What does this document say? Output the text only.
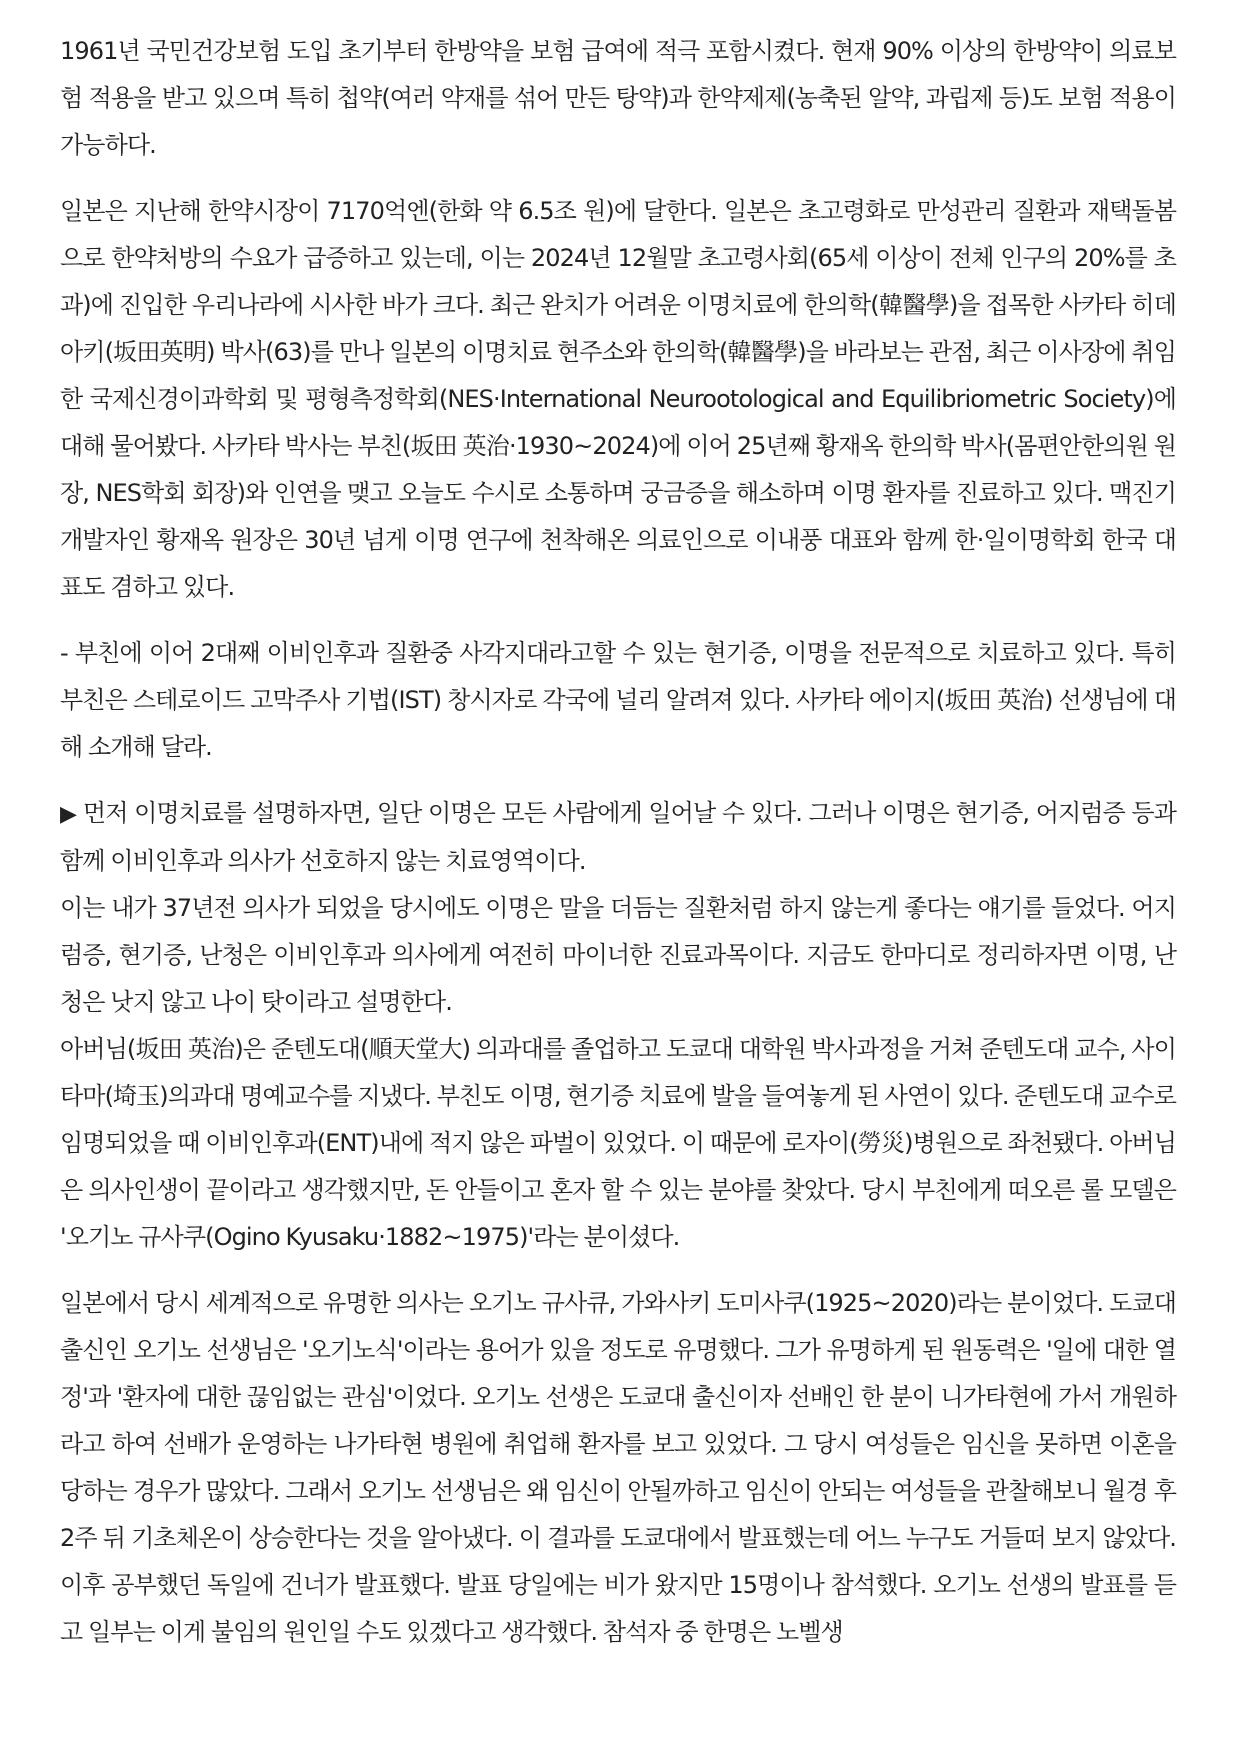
1961년 국민건강보험 도입 초기부터 한방약을 보험 급여에 적극 포함시켰다. 현재 90% 이상의 한방약이 의료보험 적용을 받고 있으며 특히 첩약(여러 약재를 섞어 만든 탕약)과 한약제제(농축된 알약, 과립제 등)도 보험 적용이 가능하다.

일본은 지난해 한약시장이 7170억엔(한화 약 6.5조 원)에 달한다. 일본은 초고령화로 만성관리 질환과 재택돌봄으로 한약처방의 수요가 급증하고 있는데, 이는 2024년 12월말 초고령사회(65세 이상이 전체 인구의 20%를 초과)에 진입한 우리나라에 시사한 바가 크다. 최근 완치가 어려운 이명치료에 한의학(韓醫學)을 접목한 사카타 히데아키(坂田英明) 박사(63)를 만나 일본의 이명치료 현주소와 한의학(韓醫學)을 바라보는 관점, 최근 이사장에 취임한 국제신경이과학회 및 평형측정학회(NES·International Neurootological and Equilibriometric Society)에 대해 물어봤다. 사카타 박사는 부친(坂田 英治·1930~2024)에 이어 25년째 황재옥 한의학 박사(몸편안한의원 원장, NES학회 회장)와 인연을 맺고 오늘도 수시로 소통하며 궁금증을 해소하며 이명 환자를 진료하고 있다. 맥진기 개발자인 황재옥 원장은 30년 넘게 이명 연구에 천착해온 의료인으로 이내풍 대표와 함께 한·일이명학회 한국 대표도 겸하고 있다.

- 부친에 이어 2대째 이비인후과 질환중 사각지대라고할 수 있는 현기증, 이명을 전문적으로 치료하고 있다. 특히 부친은 스테로이드 고막주사 기법(IST) 창시자로 각국에 널리 알려져 있다. 사카타 에이지(坂田 英治) 선생님에 대해 소개해 달라.

▶ 먼저 이명치료를 설명하자면, 일단 이명은 모든 사람에게 일어날 수 있다. 그러나 이명은 현기증, 어지럼증 등과 함께 이비인후과 의사가 선호하지 않는 치료영역이다.

이는 내가 37년전 의사가 되었을 당시에도 이명은 말을 더듬는 질환처럼 하지 않는게 좋다는 얘기를 들었다. 어지럼증, 현기증, 난청은 이비인후과 의사에게 여전히 마이너한 진료과목이다. 지금도 한마디로 정리하자면 이명, 난청은 낫지 않고 나이 탓이라고 설명한다.

아버님(坂田 英治)은 준텐도대(順天堂大) 의과대를 졸업하고 도쿄대 대학원 박사과정을 거쳐 준텐도대 교수, 사이타마(埼玉)의과대 명예교수를 지냈다. 부친도 이명, 현기증 치료에 발을 들여놓게 된 사연이 있다. 준텐도대 교수로 임명되었을 때 이비인후과(ENT)내에 적지 않은 파벌이 있었다. 이 때문에 로자이(勞災)병원으로 좌천됐다. 아버님은 의사인생이 끝이라고 생각했지만, 돈 안들이고 혼자 할 수 있는 분야를 찾았다. 당시 부친에게 떠오른 롤 모델은 '오기노 규사쿠(Ogino Kyusaku·1882~1975)'라는 분이셨다.

일본에서 당시 세계적으로 유명한 의사는 오기노 규사큐, 가와사키 도미사쿠(1925~2020)라는 분이었다. 도쿄대 출신인 오기노 선생님은 '오기노식'이라는 용어가 있을 정도로 유명했다. 그가 유명하게 된 원동력은 '일에 대한 열정'과 '환자에 대한 끊임없는 관심'이었다. 오기노 선생은 도쿄대 출신이자 선배인 한 분이 니가타현에 가서 개원하라고 하여 선배가 운영하는 나가타현 병원에 취업해 환자를 보고 있었다. 그 당시 여성들은 임신을 못하면 이혼을 당하는 경우가 많았다. 그래서 오기노 선생님은 왜 임신이 안될까하고 임신이 안되는 여성들을 관찰해보니 월경 후 2주 뒤 기초체온이 상승한다는 것을 알아냈다. 이 결과를 도쿄대에서 발표했는데 어느 누구도 거들떠 보지 않았다. 이후 공부했던 독일에 건너가 발표했다. 발표 당일에는 비가 왔지만 15명이나 참석했다. 오기노 선생의 발표를 듣고 일부는 이게 불임의 원인일 수도 있겠다고 생각했다. 참석자 중 한명은 노벨생
